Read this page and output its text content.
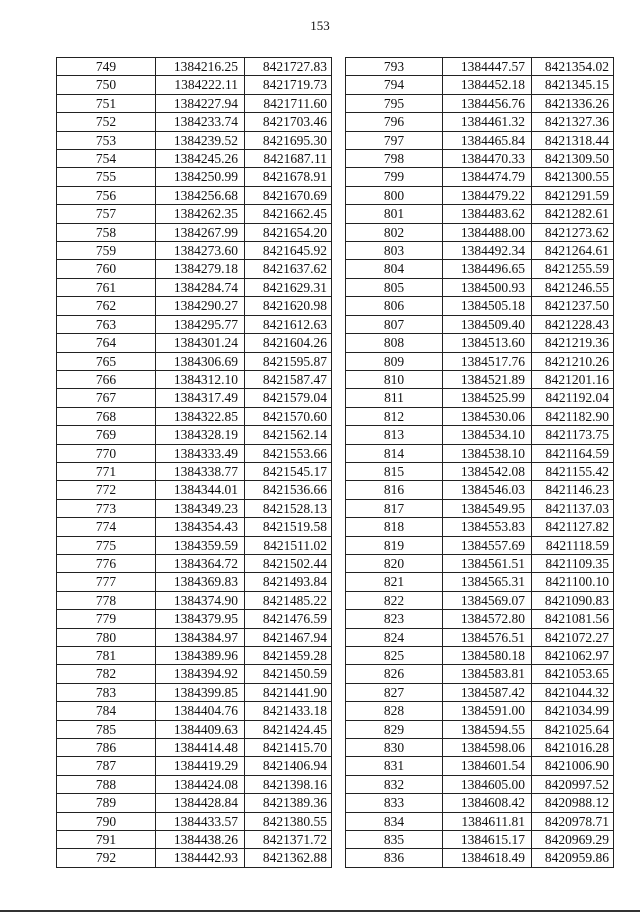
153
749	1384216.25	8421727.83
750	1384222.11	8421719.73
751	1384227.94	8421711.60
752	1384233.74	8421703.46
753	1384239.52	8421695.30
754	1384245.26	8421687.11
755	1384250.99	8421678.91
756	1384256.68	8421670.69
757	1384262.35	8421662.45
758	1384267.99	8421654.20
759	1384273.60	8421645.92
760	1384279.18	8421637.62
761	1384284.74	8421629.31
762	1384290.27	8421620.98
763	1384295.77	8421612.63
764	1384301.24	8421604.26
765	1384306.69	8421595.87
766	1384312.10	8421587.47
767	1384317.49	8421579.04
768	1384322.85	8421570.60
769	1384328.19	8421562.14
770	1384333.49	8421553.66
771	1384338.77	8421545.17
772	1384344.01	8421536.66
773	1384349.23	8421528.13
774	1384354.43	8421519.58
775	1384359.59	8421511.02
776	1384364.72	8421502.44
777	1384369.83	8421493.84
778	1384374.90	8421485.22
779	1384379.95	8421476.59
780	1384384.97	8421467.94
781	1384389.96	8421459.28
782	1384394.92	8421450.59
783	1384399.85	8421441.90
784	1384404.76	8421433.18
785	1384409.63	8421424.45
786	1384414.48	8421415.70
787	1384419.29	8421406.94
788	1384424.08	8421398.16
789	1384428.84	8421389.36
790	1384433.57	8421380.55
791	1384438.26	8421371.72
792	1384442.93	8421362.88
793	1384447.57	8421354.02
794	1384452.18	8421345.15
795	1384456.76	8421336.26
796	1384461.32	8421327.36
797	1384465.84	8421318.44
798	1384470.33	8421309.50
799	1384474.79	8421300.55
800	1384479.22	8421291.59
801	1384483.62	8421282.61
802	1384488.00	8421273.62
803	1384492.34	8421264.61
804	1384496.65	8421255.59
805	1384500.93	8421246.55
806	1384505.18	8421237.50
807	1384509.40	8421228.43
808	1384513.60	8421219.36
809	1384517.76	8421210.26
810	1384521.89	8421201.16
811	1384525.99	8421192.04
812	1384530.06	8421182.90
813	1384534.10	8421173.75
814	1384538.10	8421164.59
815	1384542.08	8421155.42
816	1384546.03	8421146.23
817	1384549.95	8421137.03
818	1384553.83	8421127.82
819	1384557.69	8421118.59
820	1384561.51	8421109.35
821	1384565.31	8421100.10
822	1384569.07	8421090.83
823	1384572.80	8421081.56
824	1384576.51	8421072.27
825	1384580.18	8421062.97
826	1384583.81	8421053.65
827	1384587.42	8421044.32
828	1384591.00	8421034.99
829	1384594.55	8421025.64
830	1384598.06	8421016.28
831	1384601.54	8421006.90
832	1384605.00	8420997.52
833	1384608.42	8420988.12
834	1384611.81	8420978.71
835	1384615.17	8420969.29
836	1384618.49	8420959.86
